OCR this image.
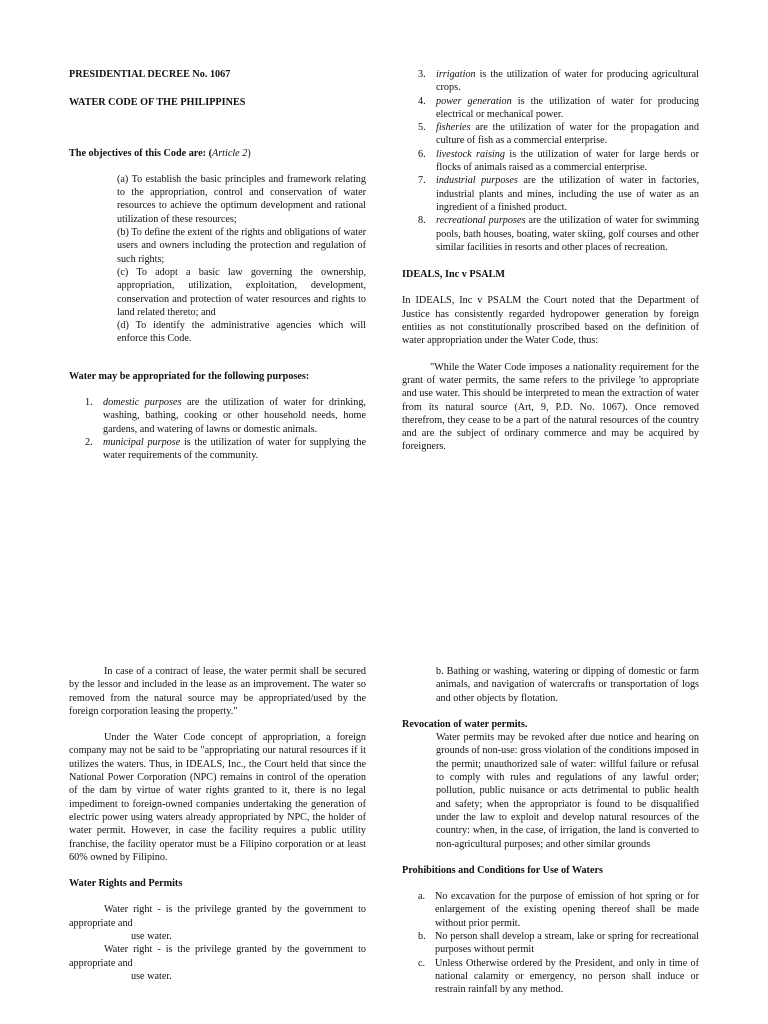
PRESIDENTIAL DECREE No. 1067

WATER CODE OF THE PHILIPPINES

The objectives of this Code are: (Article 2)

(a) To establish the basic principles and framework relating to the appropriation, control and conservation of water resources to achieve the optimum development and rational utilization of these resources;
(b) To define the extent of the rights and obligations of water users and owners including the protection and regulation of such rights;
(c) To adopt a basic law governing the ownership, appropriation, utilization, exploitation, development, conservation and protection of water resources and rights to land related thereto; and
(d) To identify the administrative agencies which will enforce this Code.

Water may be appropriated for the following purposes:

1. domestic purposes are the utilization of water for drinking, washing, bathing, cooking or other household needs, home gardens, and watering of lawns or domestic animals.
2. municipal purpose is the utilization of water for supplying the water requirements of the community.
3. irrigation is the utilization of water for producing agricultural crops.
4. power generation is the utilization of water for producing electrical or mechanical power.
5. fisheries are the utilization of water for the propagation and culture of fish as a commercial enterprise.
6. livestock raising is the utilization of water for large herds or flocks of animals raised as a commercial enterprise.
7. industrial purposes are the utilization of water in factories, industrial plants and mines, including the use of water as an ingredient of a finished product.
8. recreational purposes are the utilization of water for swimming pools, bath houses, boating, water skiing, golf courses and other similar facilities in resorts and other places of recreation.

IDEALS, Inc v PSALM

In IDEALS, Inc v PSALM the Court noted that the Department of Justice has consistently regarded hydropower generation by foreign entities as not constitutionally proscribed based on the definition of water appropriation under the Water Code, thus:

"While the Water Code imposes a nationality requirement for the grant of water permits, the same refers to the privilege 'to appropriate and use water. This should be interpreted to mean the extraction of water from its natural source (Art, 9, P.D. No. 1067). Once removed therefrom, they cease to be a part of the natural resources of the country and are the subject of ordinary commerce and may be acquired by foreigners.

In case of a contract of lease, the water permit shall be secured by the lessor and included in the lease as an improvement. The water so removed from the natural source may be appropriated/used by the foreign corporation leasing the property."

Under the Water Code concept of appropriation, a foreign company may not be said to be "appropriating our natural resources if it utilizes the waters. Thus, in IDEALS, Inc., the Court held that since the National Power Corporation (NPC) remains in control of the operation of the dam by virtue of water rights granted to it, there is no legal impediment to foreign-owned companies undertaking the generation of electric power using waters already appropriated by NPC, the holder of water permit. However, in case the facility requires a public utility franchise, the facility operator must be a Filipino corporation or at least 60% owned by Filipino.

Water Rights and Permits

Water right - is the privilege granted by the government to appropriate and

use water.

Water right - is the privilege granted by the government to appropriate and

use water.

b. Bathing or washing, watering or dipping of domestic or farm animals, and navigation of watercrafts or transportation of logs and other objects by flotation.

Revocation of water permits.

Water permits may be revoked after due notice and hearing on grounds of non-use: gross violation of the conditions imposed in the permit; unauthorized sale of water: willful failure or refusal to comply with rules and regulations of any lawful order; pollution, public nuisance or acts detrimental to public health and safety; when the appropriator is found to be disqualified under the law to exploit and develop natural resources of the country: when, in the case, of irrigation, the land is converted to non-agricultural purposes; and other similar grounds

Prohibitions and Conditions for Use of Waters

a. No excavation for the purpose of emission of hot spring or for enlargement of the existing opening thereof shall be made without prior permit.
b. No person shall develop a stream, lake or spring for recreational purposes without permit
c. Unless Otherwise ordered by the President, and only in time of national calamity or emergency, no person shall induce or restrain rainfall by any method.
